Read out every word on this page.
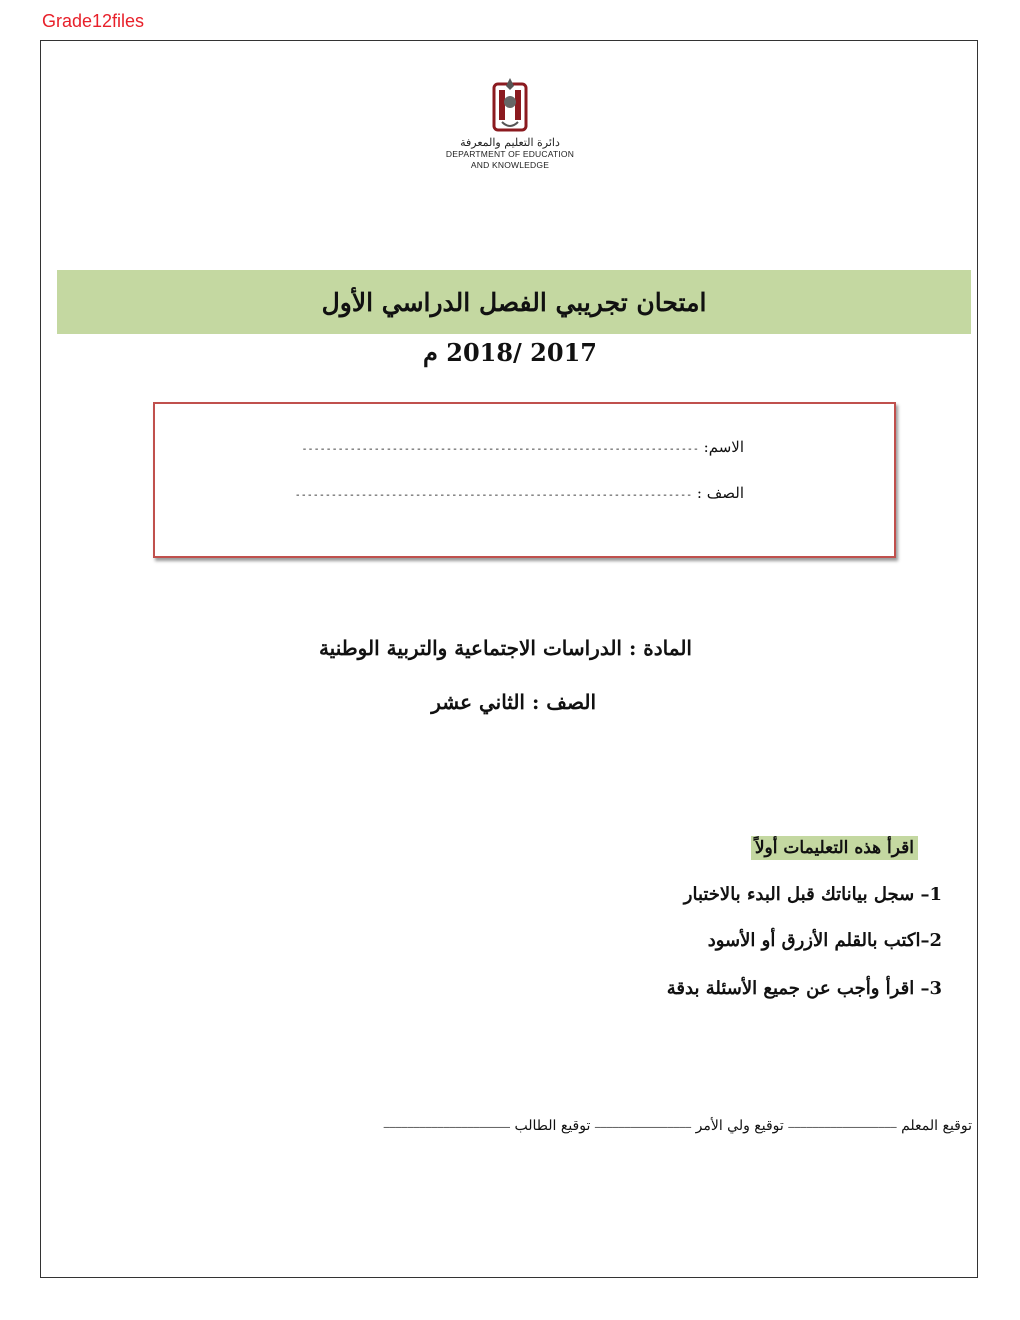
Grade12files
دائرة التعليم والمعرفة
DEPARTMENT OF EDUCATION
AND KNOWLEDGE
امتحان تجريبي الفصل الدراسي الأول
2017 /2018 م
الاسم: ------------------------------------------------------------------
الصف : ------------------------------------------------------------------
المادة : الدراسات الاجتماعية والتربية الوطنية
الصف : الثاني عشر
اقرأ هذه التعليمات أولاً
1– سجل بياناتك قبل البدء بالاختبار
2–اكتب بالقلم الأزرق أو الأسود
3– اقرأ وأجب عن جميع الأسئلة بدقة
توقيع المعلم –––––––––––––––––– توقيع ولي الأمر –––––––––––––––– توقيع الطالب –––––––––––––––––––––
